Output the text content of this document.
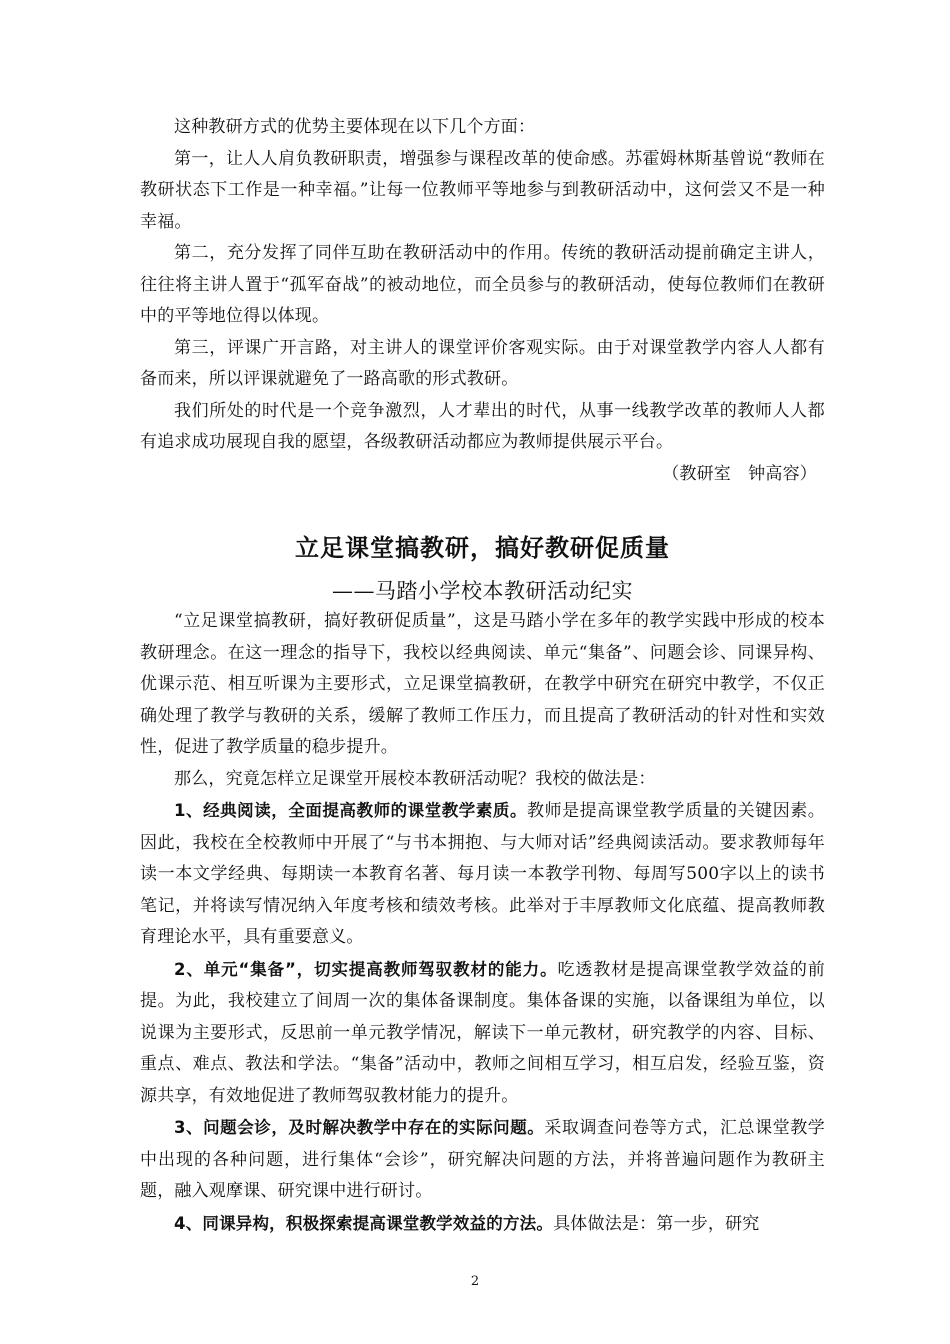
这种教研方式的优势主要体现在以下几个方面：

第一，让人人肩负教研职责，增强参与课程改革的使命感。苏霍姆林斯基曾说“教师在教研状态下工作是一种幸福。”让每一位教师平等地参与到教研活动中，这何尝又不是一种幸福。

第二，充分发挥了同伴互助在教研活动中的作用。传统的教研活动提前确定主讲人，往往将主讲人置于“孤军奋战”的被动地位，而全员参与的教研活动，使每位教师们在教研中的平等地位得以体现。

第三，评课广开言路，对主讲人的课堂评价客观实际。由于对课堂教学内容人人都有备而来，所以评课就避免了一路高歌的形式教研。

我们所处的时代是一个竞争激烈，人才辈出的时代，从事一线教学改革的教师人人都有追求成功展现自我的愿望，各级教研活动都应为教师提供展示平台。

（教研室　钟高容）

立足课堂搞教研，搞好教研促质量
——马踏小学校本教研活动纪实

“立足课堂搞教研，搞好教研促质量”，这是马踏小学在多年的教学实践中形成的校本教研理念。在这一理念的指导下，我校以经典阅读、单元“集备”、问题会诊、同课异构、优课示范、相互听课为主要形式，立足课堂搞教研，在教学中研究在研究中教学，不仅正确处理了教学与教研的关系，缓解了教师工作压力，而且提高了教研活动的针对性和实效性，促进了教学质量的稳步提升。

那么，究竟怎样立足课堂开展校本教研活动呢？我校的做法是：

1、经典阅读，全面提高教师的课堂教学素质。教师是提高课堂教学质量的关键因素。因此，我校在全校教师中开展了“与书本拥抱、与大师对话”经典阅读活动。要求教师每年读一本文学经典、每期读一本教育名著、每月读一本教学刊物、每周写500字以上的读书笔记，并将读写情况纳入年度考核和绩效考核。此举对于丰厚教师文化底蕴、提高教师教育理论水平，具有重要意义。

2、单元“集备”，切实提高教师驾驭教材的能力。吃透教材是提高课堂教学效益的前提。为此，我校建立了间周一次的集体备课制度。集体备课的实施，以备课组为单位，以说课为主要形式，反思前一单元教学情况，解读下一单元教材，研究教学的内容、目标、重点、难点、教法和学法。“集备”活动中，教师之间相互学习，相互启发，经验互鉴，资源共享，有效地促进了教师驾驭教材能力的提升。

3、问题会诊，及时解决教学中存在的实际问题。采取调查问卷等方式，汇总课堂教学中出现的各种问题，进行集体“会诊”，研究解决问题的方法，并将普遍问题作为教研主题，融入观摩课、研究课中进行研讨。

4、同课异构，积极探索提高课堂教学效益的方法。具体做法是：第一步，研究

2
